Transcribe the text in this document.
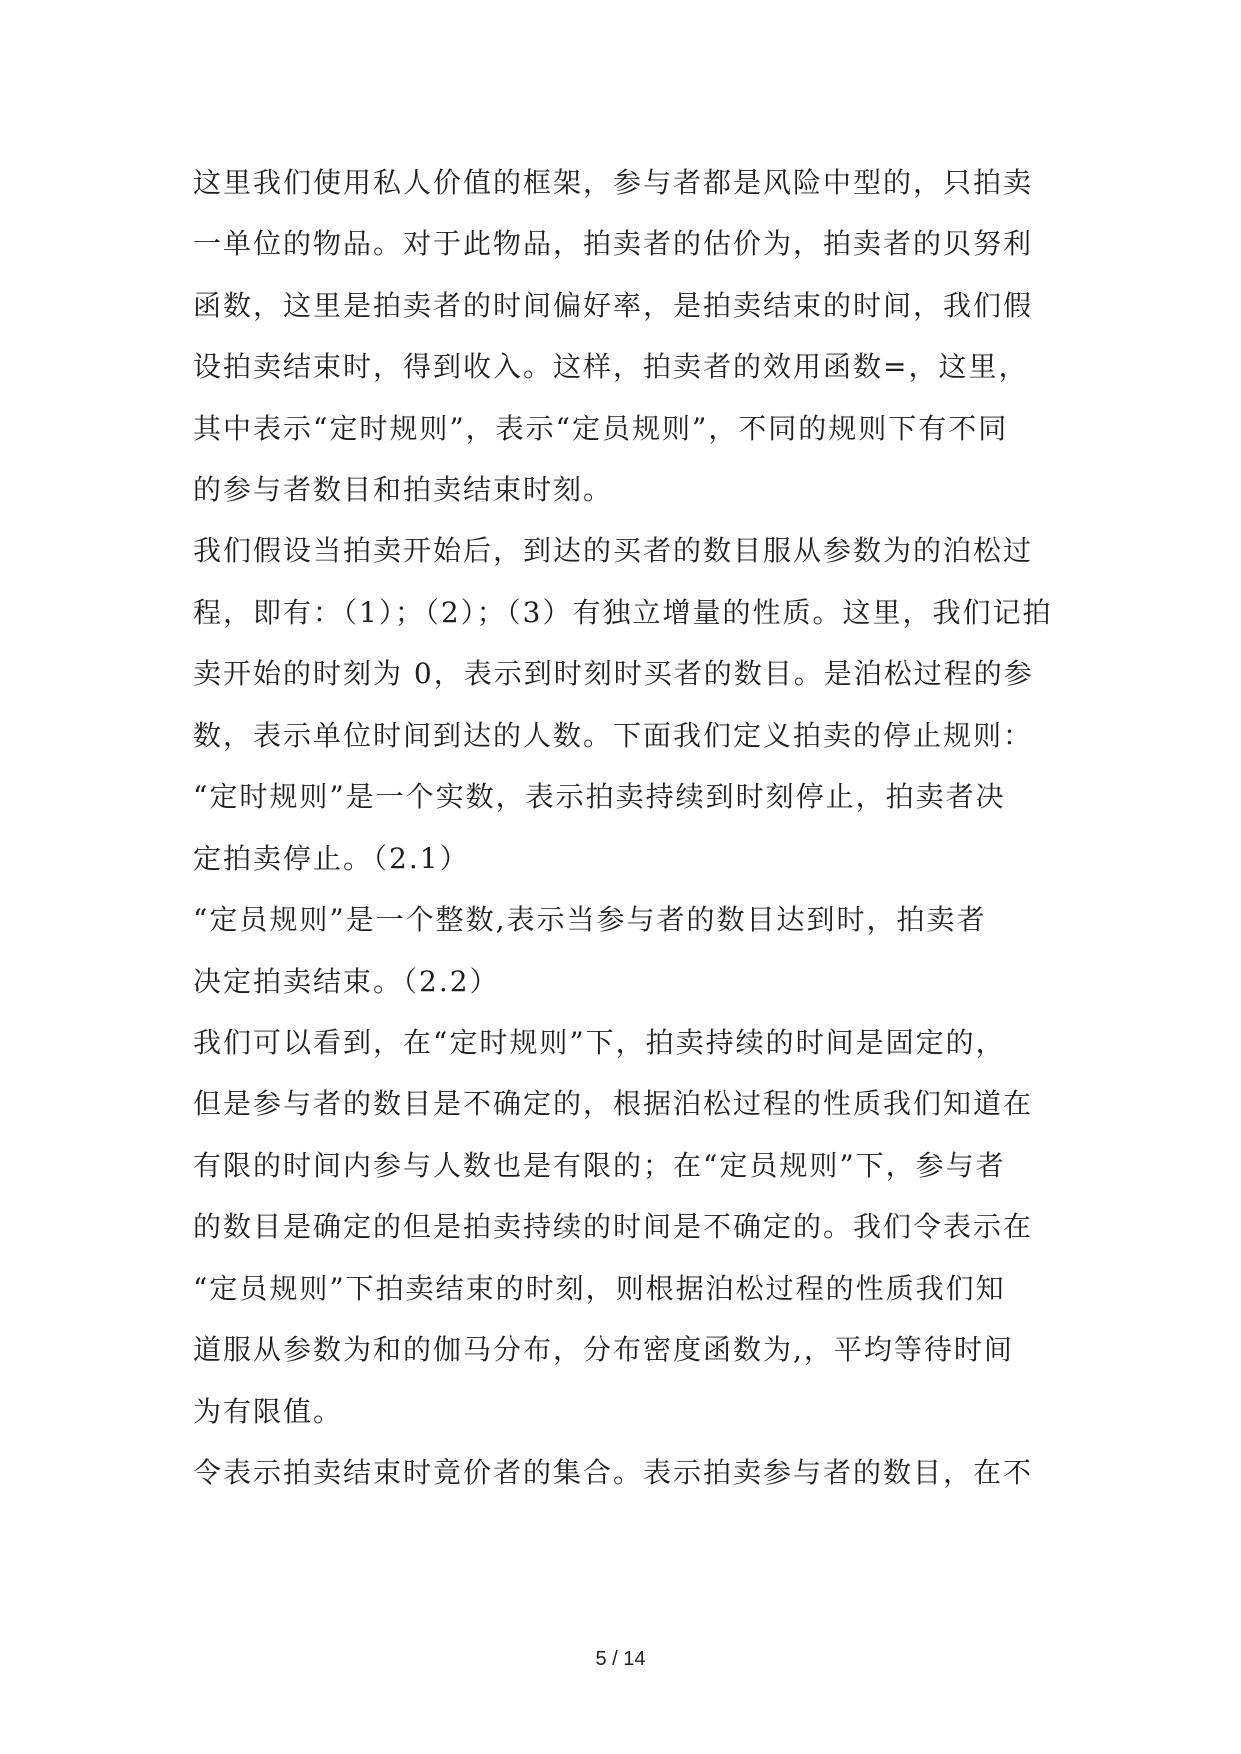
这里我们使用私人价值的框架，参与者都是风险中型的，只拍卖
一单位的物品。对于此物品，拍卖者的估价为，拍卖者的贝努利
函数，这里是拍卖者的时间偏好率，是拍卖结束的时间，我们假
设拍卖结束时，得到收入。这样，拍卖者的效用函数=，这里，
其中表示“定时规则”，表示“定员规则”，不同的规则下有不同
的参与者数目和拍卖结束时刻。
我们假设当拍卖开始后，到达的买者的数目服从参数为的泊松过
程，即有：（1）；（2）；（3）有独立增量的性质。这里，我们记拍
卖开始的时刻为 0，表示到时刻时买者的数目。是泊松过程的参
数，表示单位时间到达的人数。下面我们定义拍卖的停止规则：
“定时规则”是一个实数，表示拍卖持续到时刻停止，拍卖者决
定拍卖停止。（2.1）
“定员规则”是一个整数,表示当参与者的数目达到时，拍卖者
决定拍卖结束。（2.2）
我们可以看到，在“定时规则”下，拍卖持续的时间是固定的，
但是参与者的数目是不确定的，根据泊松过程的性质我们知道在
有限的时间内参与人数也是有限的；在“定员规则”下，参与者
的数目是确定的但是拍卖持续的时间是不确定的。我们令表示在
“定员规则”下拍卖结束的时刻，则根据泊松过程的性质我们知
道服从参数为和的伽马分布，分布密度函数为,，平均等待时间
为有限值。
令表示拍卖结束时竟价者的集合。表示拍卖参与者的数目，在不
5 / 14
